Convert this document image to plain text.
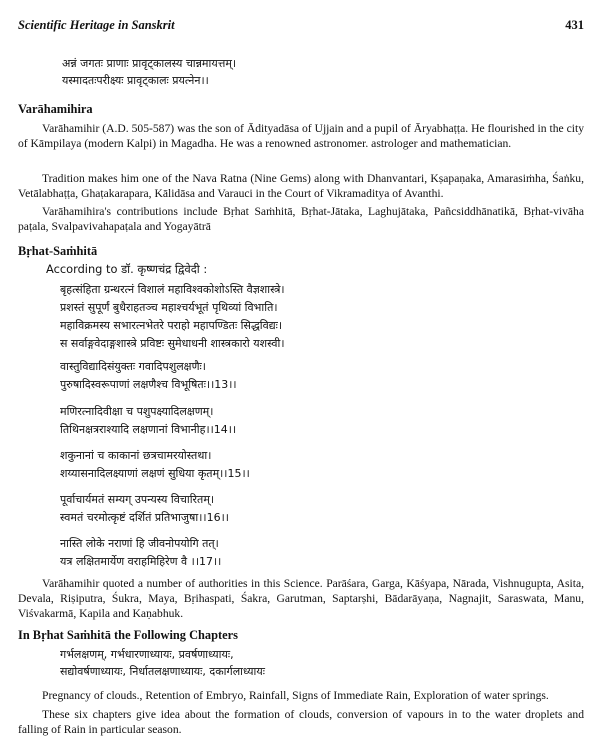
Scientific Heritage in Sanskrit	431
अन्नं जगतः प्राणाः प्रावृट्कालस्य चान्नमायत्तम्।
यस्मादतःपरीक्ष्यः प्रावृट्कालः प्रयत्नेन।।
Varāhamihira
Varāhamihir (A.D. 505-587) was the son of Ādityadāsa of Ujjain and a pupil of Āryabhaṭṭa. He flourished in the city of Kāmpilaya (modern Kalpi) in Magadha. He was a renowned astronomer. astrologer and mathematician.
Tradition makes him one of the Nava Ratna (Nine Gems) along with Dhanvantari, Kṣapaṇaka, Amarasiṁha, Śaṅku, Vetālabhaṭṭa, Ghaṭakarapara, Kālidāsa and Varauci in the Court of Vikramaditya of Avanthi.
Varāhamihira's contributions include Bṛhat Saṁhitā, Bṛhat-Jātaka, Laghujātaka, Pañcsiddhānatikā, Bṛhat-vivāha paṭala, Svalpavivahapaṭala and Yogayātrā
Bṛhat-Saṁhitā
According to डॉ. कृष्णचंद्र द्विवेदी :
बृहत्संहिता ग्रन्थरत्नं विशालं महाविश्वकोशोऽस्ति वैज्ञशास्त्रे।
प्रशस्तं सुपूर्णं बुधैराहतञ्च महाश्चर्यभूतं पृथिव्यां विभाति।
महाविक्रमस्य सभारत्नभेतरे पराहो महापण्डितः सिद्धविद्यः।
स सर्वाङ्गवेदाङ्गशास्त्रे प्रविष्टः सुमेधाधनी शास्त्रकारो यशस्वी।
वास्तुविद्यादिसंयुक्तः गवादिपशुलक्षणैः।
पुरुषादिस्वरूपाणां लक्षणैश्च विभूषितः।।13।।
मणिरत्नादिवीक्षा च पशुपक्ष्यादिलक्षणम्।
तिथिनक्षत्रराश्यादि लक्षणानां विभानीह।।14।।
शकुनानां च काकानां छत्रचामरयोस्तथा।
शय्यासनादिलक्ष्याणां लक्षणं सुधिया कृतम्।।15।।
पूर्वाचार्यमतं सम्यग् उपन्यस्य विचारितम्।
स्वमतं चरमोत्कृष्टं दर्शितं प्रतिभाजुषा।।16।।
नास्ति लोके नराणां हि जीवनोपयोगि तत्।
यत्र लक्षितमार्येण वराहमिहिरेण वै ।।17।।
Varāhamihir quoted a number of authorities in this Science. Parāśara, Garga, Kāśyapa, Nārada, Vishnugupta, Asita, Devala, Riṣiputra, Śukra, Maya, Bṛihaspati, Śakra, Garutman, Saptarṣhi, Bādarāyaṇa, Nagnajit, Saraswata, Manu, Viśvakarmā, Kapila and Kaṇabhuk.
In Bṛhat Saṁhitā the Following Chapters
गर्भलक्षणम्, गर्भधारणाध्यायः, प्रवर्षणाध्यायः,
सद्योवर्षणाध्यायः, निर्धातलक्षणाध्यायः, दकार्गलाध्यायः
Pregnancy of clouds., Retention of Embryo, Rainfall, Signs of Immediate Rain, Exploration of water springs.
These six chapters give idea about the formation of clouds, conversion of vapours in to the water droplets and falling of Rain in particular season.
